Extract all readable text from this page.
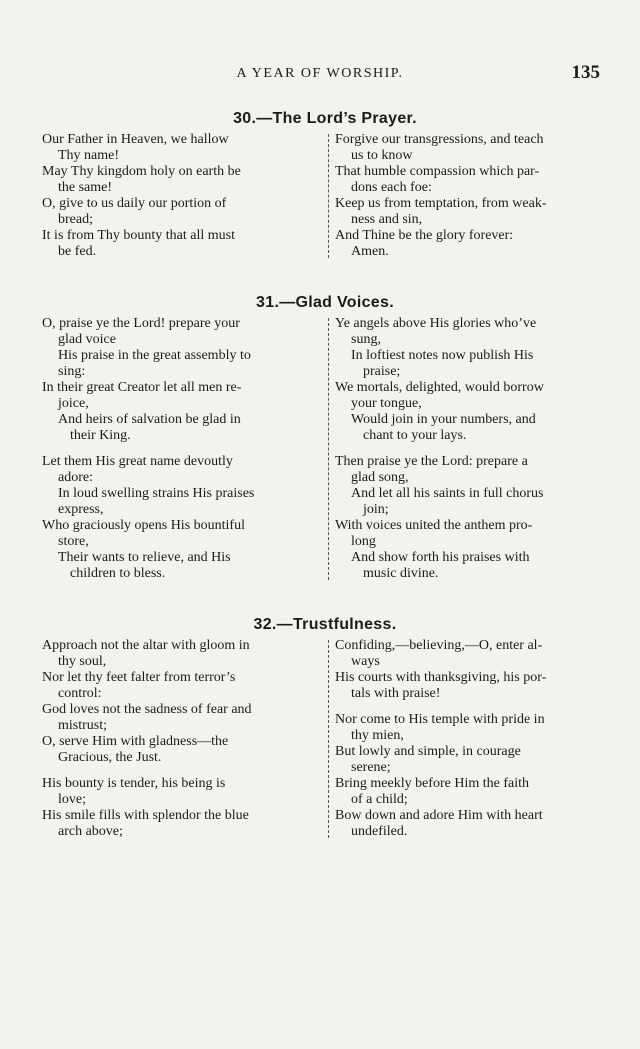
A YEAR OF WORSHIP.	135
30.—The Lord’s Prayer.
Our Father in Heaven, we hallow
Thy name!
May Thy kingdom holy on earth be
the same!
O, give to us daily our portion of
bread;
It is from Thy bounty that all must
be fed.
Forgive our transgressions, and teach
us to know
That humble compassion which par-
dons each foe:
Keep us from temptation, from weak-
ness and sin,
And Thine be the glory forever:
Amen.
31.—Glad Voices.
O, praise ye the Lord! prepare your
glad voice
His praise in the great assembly to
sing:
In their great Creator let all men re-
joice,
And heirs of salvation be glad in
their King.
Let them His great name devoutly
adore:
In loud swelling strains His praises
express,
Who graciously opens His bountiful
store,
Their wants to relieve, and His
children to bless.
Ye angels above His glories who’ve
sung,
In loftiest notes now publish His
praise;
We mortals, delighted, would borrow
your tongue,
Would join in your numbers, and
chant to your lays.
Then praise ye the Lord: prepare a
glad song,
And let all his saints in full chorus
join;
With voices united the anthem pro-
long
And show forth his praises with
music divine.
32.—Trustfulness.
Approach not the altar with gloom in
thy soul,
Nor let thy feet falter from terror’s
control:
God loves not the sadness of fear and
mistrust;
O, serve Him with gladness—the
Gracious, the Just.
His bounty is tender, his being is
love;
His smile fills with splendor the blue
arch above;
Confiding,—believing,—O, enter al-
ways
His courts with thanksgiving, his por-
tals with praise!
Nor come to His temple with pride in
thy mien,
But lowly and simple, in courage
serene;
Bring meekly before Him the faith
of a child;
Bow down and adore Him with heart
undefiled.
